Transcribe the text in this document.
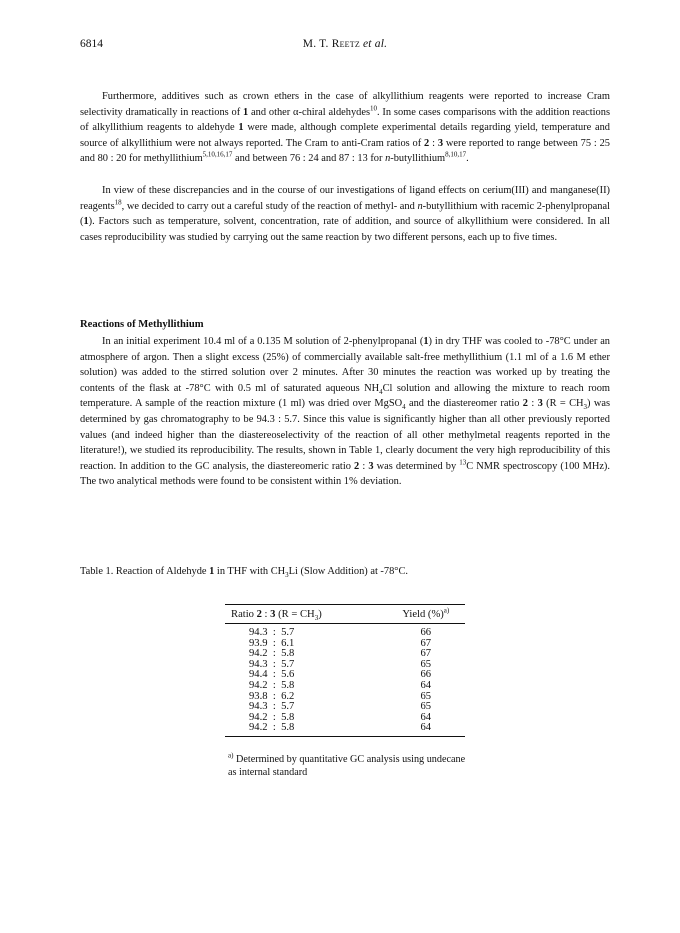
6814	M. T. Reetz et al.

Furthermore, additives such as crown ethers in the case of alkyllithium reagents were reported to increase Cram selectivity dramatically in reactions of 1 and other α-chiral aldehydes$^{10}$. In some cases comparisons with the addition reactions of alkyllithium reagents to aldehyde 1 were made, although complete experimental details regarding yield, temperature and source of alkyllithium were not always reported. The Cram to anti-Cram ratios of 2 : 3 were reported to range between 75 : 25 and 80 : 20 for methyllithium$^{5,10,16,17}$ and between 76 : 24 and 87 : 13 for n-butyllithium$^{8,10,17}$.

In view of these discrepancies and in the course of our investigations of ligand effects on cerium(III) and manganese(II) reagents$^{18}$, we decided to carry out a careful study of the reaction of methyl- and n-butyllithium with racemic 2-phenylpropanal (1). Factors such as temperature, solvent, concentration, rate of addition, and source of alkyllithium were considered. In all cases reproducibility was studied by carrying out the same reaction by two different persons, each up to five times.

Reactions of Methyllithium

In an initial experiment 10.4 ml of a 0.135 M solution of 2-phenylpropanal (1) in dry THF was cooled to -78°C under an atmosphere of argon. Then a slight excess (25%) of commercially available salt-free methyllithium (1.1 ml of a 1.6 M ether solution) was added to the stirred solution over 2 minutes. After 30 minutes the reaction was worked up by treating the contents of the flask at -78°C with 0.5 ml of saturated aqueous $NH_4Cl$ solution and allowing the mixture to reach room temperature. A sample of the reaction mixture (1 ml) was dried over MgSO$_4$ and the diastereomer ratio 2 : 3 $(R = CH_3)$ was determined by gas chromatography to be 94.3 : 5.7. Since this value is significantly higher than all other previously reported values (and indeed higher than the diastereoselectivity of the reaction of all other methylmetal reagents reported in the literature!), we studied its reproducibility. The results, shown in Table 1, clearly document the very high reproducibility of this reaction. In addition to the GC analysis, the diastereomeric ratio 2 : 3 was determined by $^{13}$C NMR spectroscopy (100 MHz). The two analytical methods were found to be consistent within 1% deviation.

Table 1. Reaction of Aldehyde 1 in THF with $CH_3Li$ (Slow Addition) at -78°C.
Ratio 2 : 3 $(R = CH_3)$	Yield (%)$^{a)}$
94.3  :  5.7	66
93.9  :  6.1	67
94.2  :  5.8	67
94.3  :  5.7	65
94.4  :  5.6	66
94.2  :  5.8	64
93.8  :  6.2	65
94.3  :  5.7	65
94.2  :  5.8	64
94.2  :  5.8	64
$^{a)}$ Determined by quantitative GC analysis using undecane as internal standard
